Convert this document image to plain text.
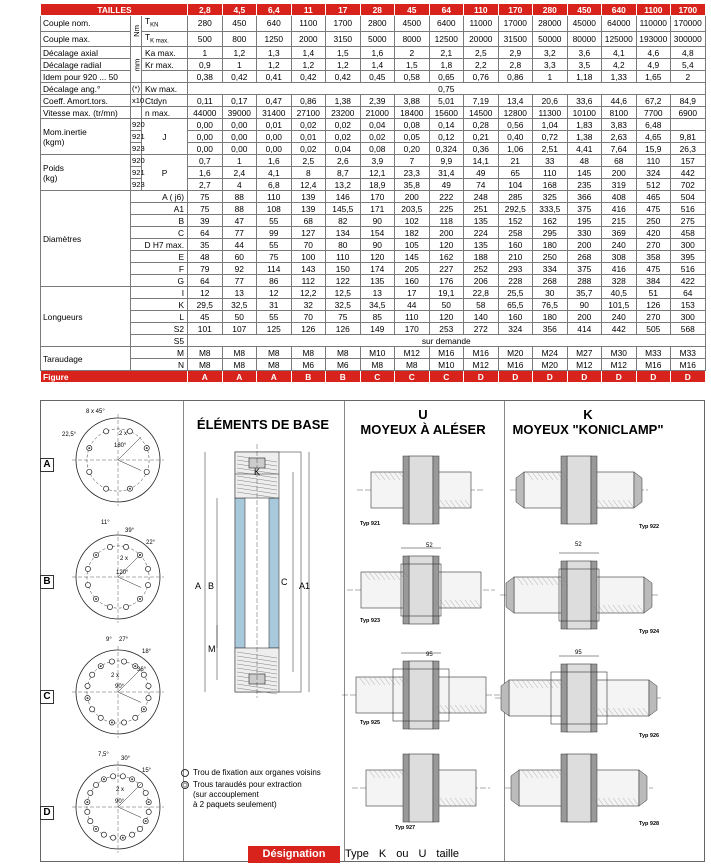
TAILLES			2,8	4,5	6,4	11	17	28	45	64	110	170	280	450	640	1100	1700
Couple nom.	Nm	$T_{KN}$	280	450	640	1100	1700	2800	4500	6400	11000	17000	28000	45000	64000	110000	170000
Couple max.		$T_{K max.}$	500	800	1250	2000	3150	5000	8000	12500	20000	31500	50000	80000	125000	193000	300000
Décalage axial	mm	Ka max.	1	1,2	1,3	1,4	1,5	1,6	2	2,1	2,5	2,9	3,2	3,6	4,1	4,6	4,8
Décalage radial		Kr max.	0,9	1	1,2	1,2	1,2	1,4	1,5	1,8	2,2	2,8	3,3	3,5	4,2	4,9	5,4
Idem pour 920 ... 50			0,38	0,42	0,41	0,42	0,42	0,45	0,58	0,65	0,76	0,86	1	1,18	1,33	1,65	2
Décalage ang.°	(*)	Kw max.	0,75														
Coeff. Amort.tors.	x10	Ctdyn	0,11	0,17	0,47	0,86	1,38	2,39	3,88	5,01	7,19	13,4	20,6	33,6	44,6	67,2	84,9
Vitesse max. (tr/mn)		n max.	44000	39000	31400	27100	23200	21000	18400	15600	14500	12800	11300	10100	8100	7700	6900

Mom.inertie
(kgm)	920	J	0,00	0,00	0,01	0,02	0,02	0,04	0,08	0,14	0,28	0,56	1,04	1,83	3,83	6,48	
	921		0,00	0,00	0,00	0,01	0,02	0,02	0,05	0,12	0,21	0,40	0,72	1,38	2,63	4,65	9,81
	923		0,00	0,00	0,00	0,02	0,04	0,08	0,20	0,324	0,36	1,06	2,51	4,41	7,64	15,9	26,3

Poids
(kg)	920	P	0,7	1	1,6	2,5	2,6	3,9	7	9,9	14,1	21	33	48	68	110	157
	921		1,6	2,4	4,1	8	8,7	12,1	23,3	31,4	49	65	110	145	200	324	442
	923		2,7	4	6,8	12,4	13,2	18,9	35,8	49	74	104	168	235	319	512	702
Diamètres	A ( j6)		75	88	110	139	146	170	200	222	248	285	325	366	408	465	504
	A1		75	88	108	139	145,5	171	203,5	225	251	292,5	333,5	375	416	475	516
	B		39	47	55	68	82	90	102	118	135	152	162	195	215	250	275
	C		64	77	99	127	134	154	182	200	224	258	295	330	369	420	458
	D H7 max.		35	44	55	70	80	90	105	120	135	160	180	200	240	270	300
	E		48	60	75	100	110	120	145	162	188	210	250	268	308	358	395
	F		79	92	114	143	150	174	205	227	252	293	334	375	416	475	516
	G		64	77	86	112	122	135	160	176	206	228	268	288	328	384	422
Longueurs	I		12	13	12	12,2	12,5	13	17	19,1	22,8	25,5	30	35,7	40,5	51	64
	K		29,5	32,5	31	32	32,5	34,5	44	50	58	65,5	76,5	90	101,5	126	153
	L		45	50	55	70	75	85	110	120	140	160	180	200	240	270	300
	S2		101	107	125	126	126	149	170	253	272	324	356	414	442	505	568
	S5		sur demande														
Taraudage	M		M8	M8	M8	M8	M8	M10	M12	M16	M16	M20	M24	M27	M30	M33	M33
	N		M8	M8	M8	M6	M6	M8	M8	M10	M12	M16	M20	M12	M12	M16	M16
Figure			A	A	A	B	B	C	C	C	D	D	D	D	D	D	D
A
B
C
D
22,5°
8 x 45°
2 x
180°
11°
39°
22°
2 x
120°
9° 27°
18°
36°
90°
2 x
7,5°
30°
15°
2 x
90°
ÉLÉMENTS DE BASE
K
C
A B	A1
M
Trou de fixation aux organes voisins
Trous taraudés pour extraction
(sur accouplement
à 2 paquets seulement)
U
MOYEUX À ALÉSER
Typ 921
Typ 923
Typ 925
Typ 927
52
95
K
MOYEUX "KONICLAMP"
Typ 922
Typ 924
Typ 926
Typ 928
52
95
Désignation	Type K ou U taille
